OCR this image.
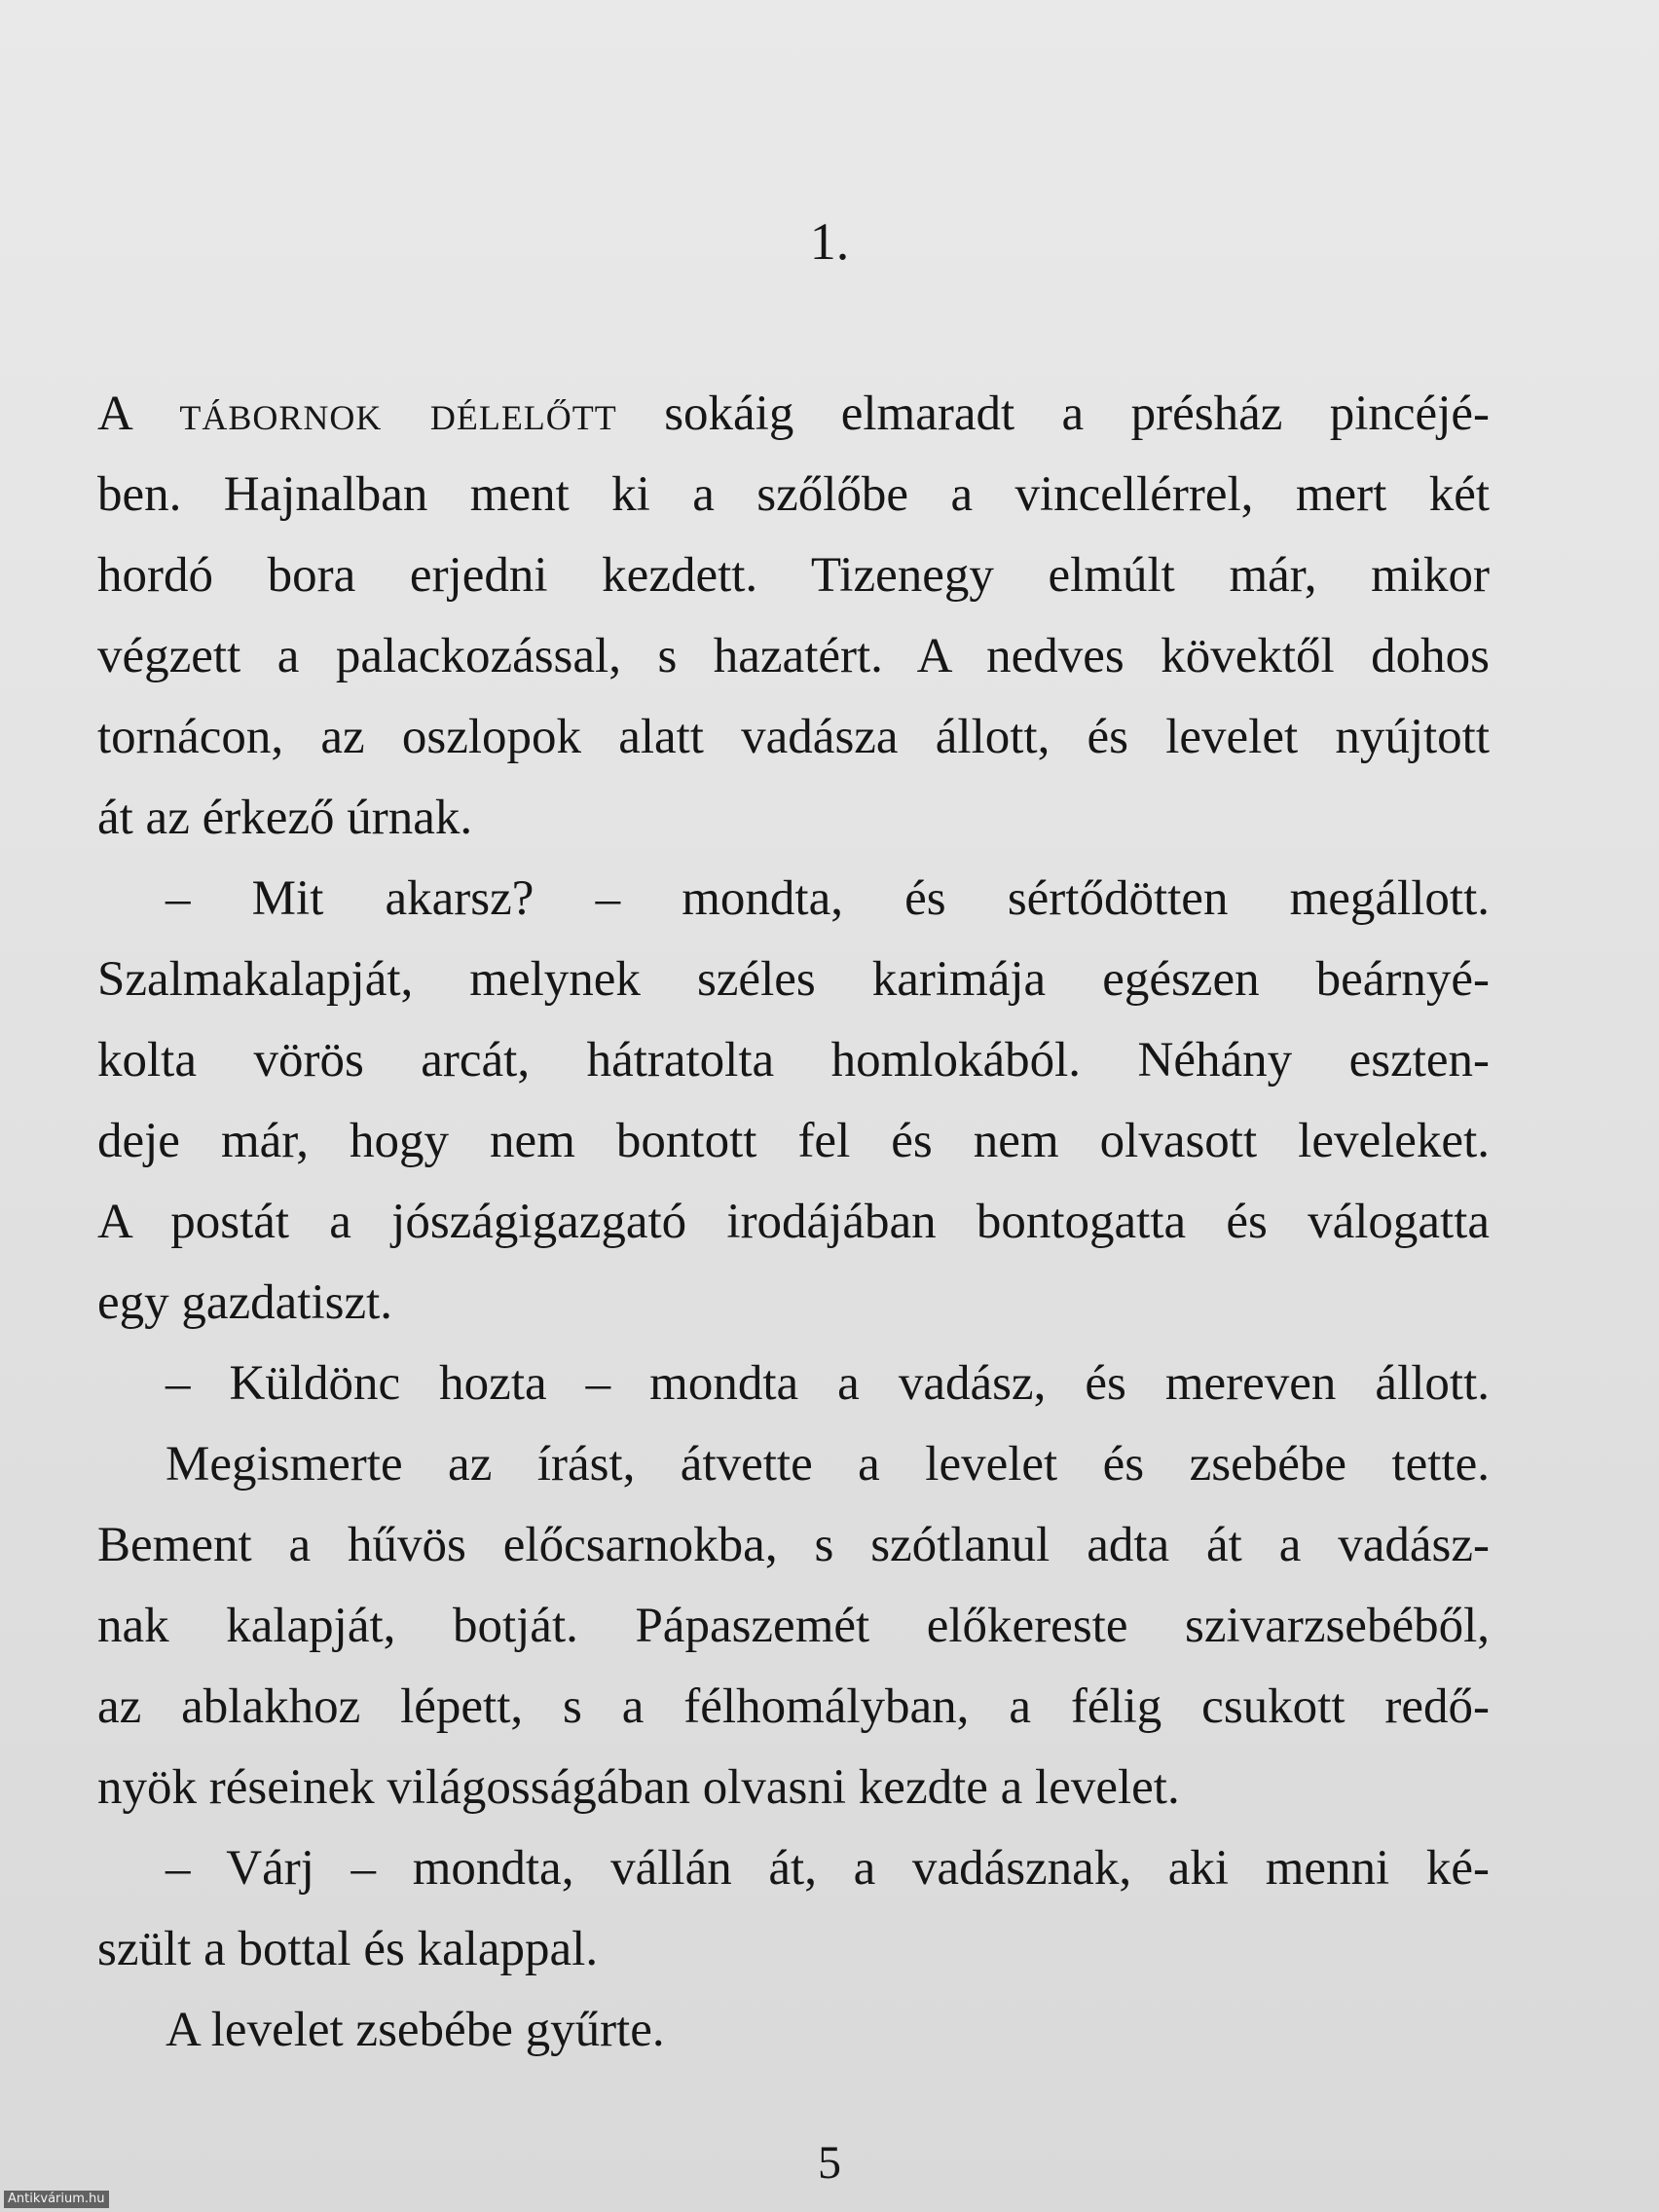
1.
A tábornok délelőtt sokáig elmaradt a présház pincéjé-
ben. Hajnalban ment ki a szőlőbe a vincellérrel, mert két
hordó bora erjedni kezdett. Tizenegy elmúlt már, mikor
végzett a palackozással, s hazatért. A nedves kövektől dohos
tornácon, az oszlopok alatt vadásza állott, és levelet nyújtott
át az érkező úrnak.
– Mit akarsz? – mondta, és sértődötten megállott.
Szalmakalapját, melynek széles karimája egészen beárnyé-
kolta vörös arcát, hátratolta homlokából. Néhány eszten-
deje már, hogy nem bontott fel és nem olvasott leveleket.
A postát a jószágigazgató irodájában bontogatta és válogatta
egy gazdatiszt.
– Küldönc hozta – mondta a vadász, és mereven állott.
Megismerte az írást, átvette a levelet és zsebébe tette.
Bement a hűvös előcsarnokba, s szótlanul adta át a vadász-
nak kalapját, botját. Pápaszemét előkereste szivarzsebéből,
az ablakhoz lépett, s a félhomályban, a félig csukott redő-
nyök réseinek világosságában olvasni kezdte a levelet.
– Várj – mondta, vállán át, a vadásznak, aki menni ké-
szült a bottal és kalappal.
A levelet zsebébe gyűrte.
5
Antikvárium.hu
